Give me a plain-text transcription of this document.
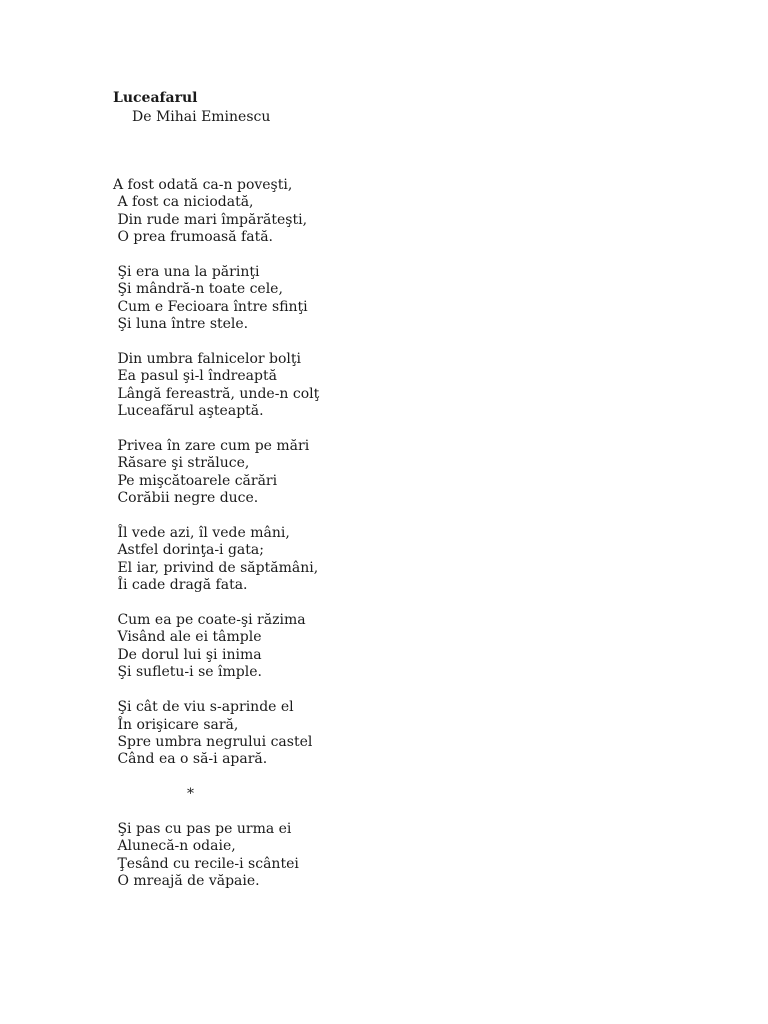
Luceafarul

De Mihai Eminescu

A fost odată ca-n poveşti,
A fost ca niciodată,
Din rude mari împărăteşti,
O prea frumoasă fată.
Şi era una la părinţi
Şi mândră-n toate cele,
Cum e Fecioara între sfinţi
Şi luna între stele.
Din umbra falnicelor bolţi
Ea pasul şi-l îndreaptă
Lângă fereastră, unde-n colţ
Luceafărul aşteaptă.
Privea în zare cum pe mări
Răsare şi străluce,
Pe mişcătoarele cărări
Corăbii negre duce.
Îl vede azi, îl vede mâni,
Astfel dorinţa-i gata;
El iar, privind de săptămâni,
Îi cade dragă fata.
Cum ea pe coate-şi răzima
Visând ale ei tâmple
De dorul lui şi inima
Şi sufletu-i se împle.
Şi cât de viu s-aprinde el
În orişicare sară,
Spre umbra negrului castel
Când ea o să-i apară.
*
Şi pas cu pas pe urma ei
Alunecă-n odaie,
Ţesând cu recile-i scântei
O mreajă de văpaie.
